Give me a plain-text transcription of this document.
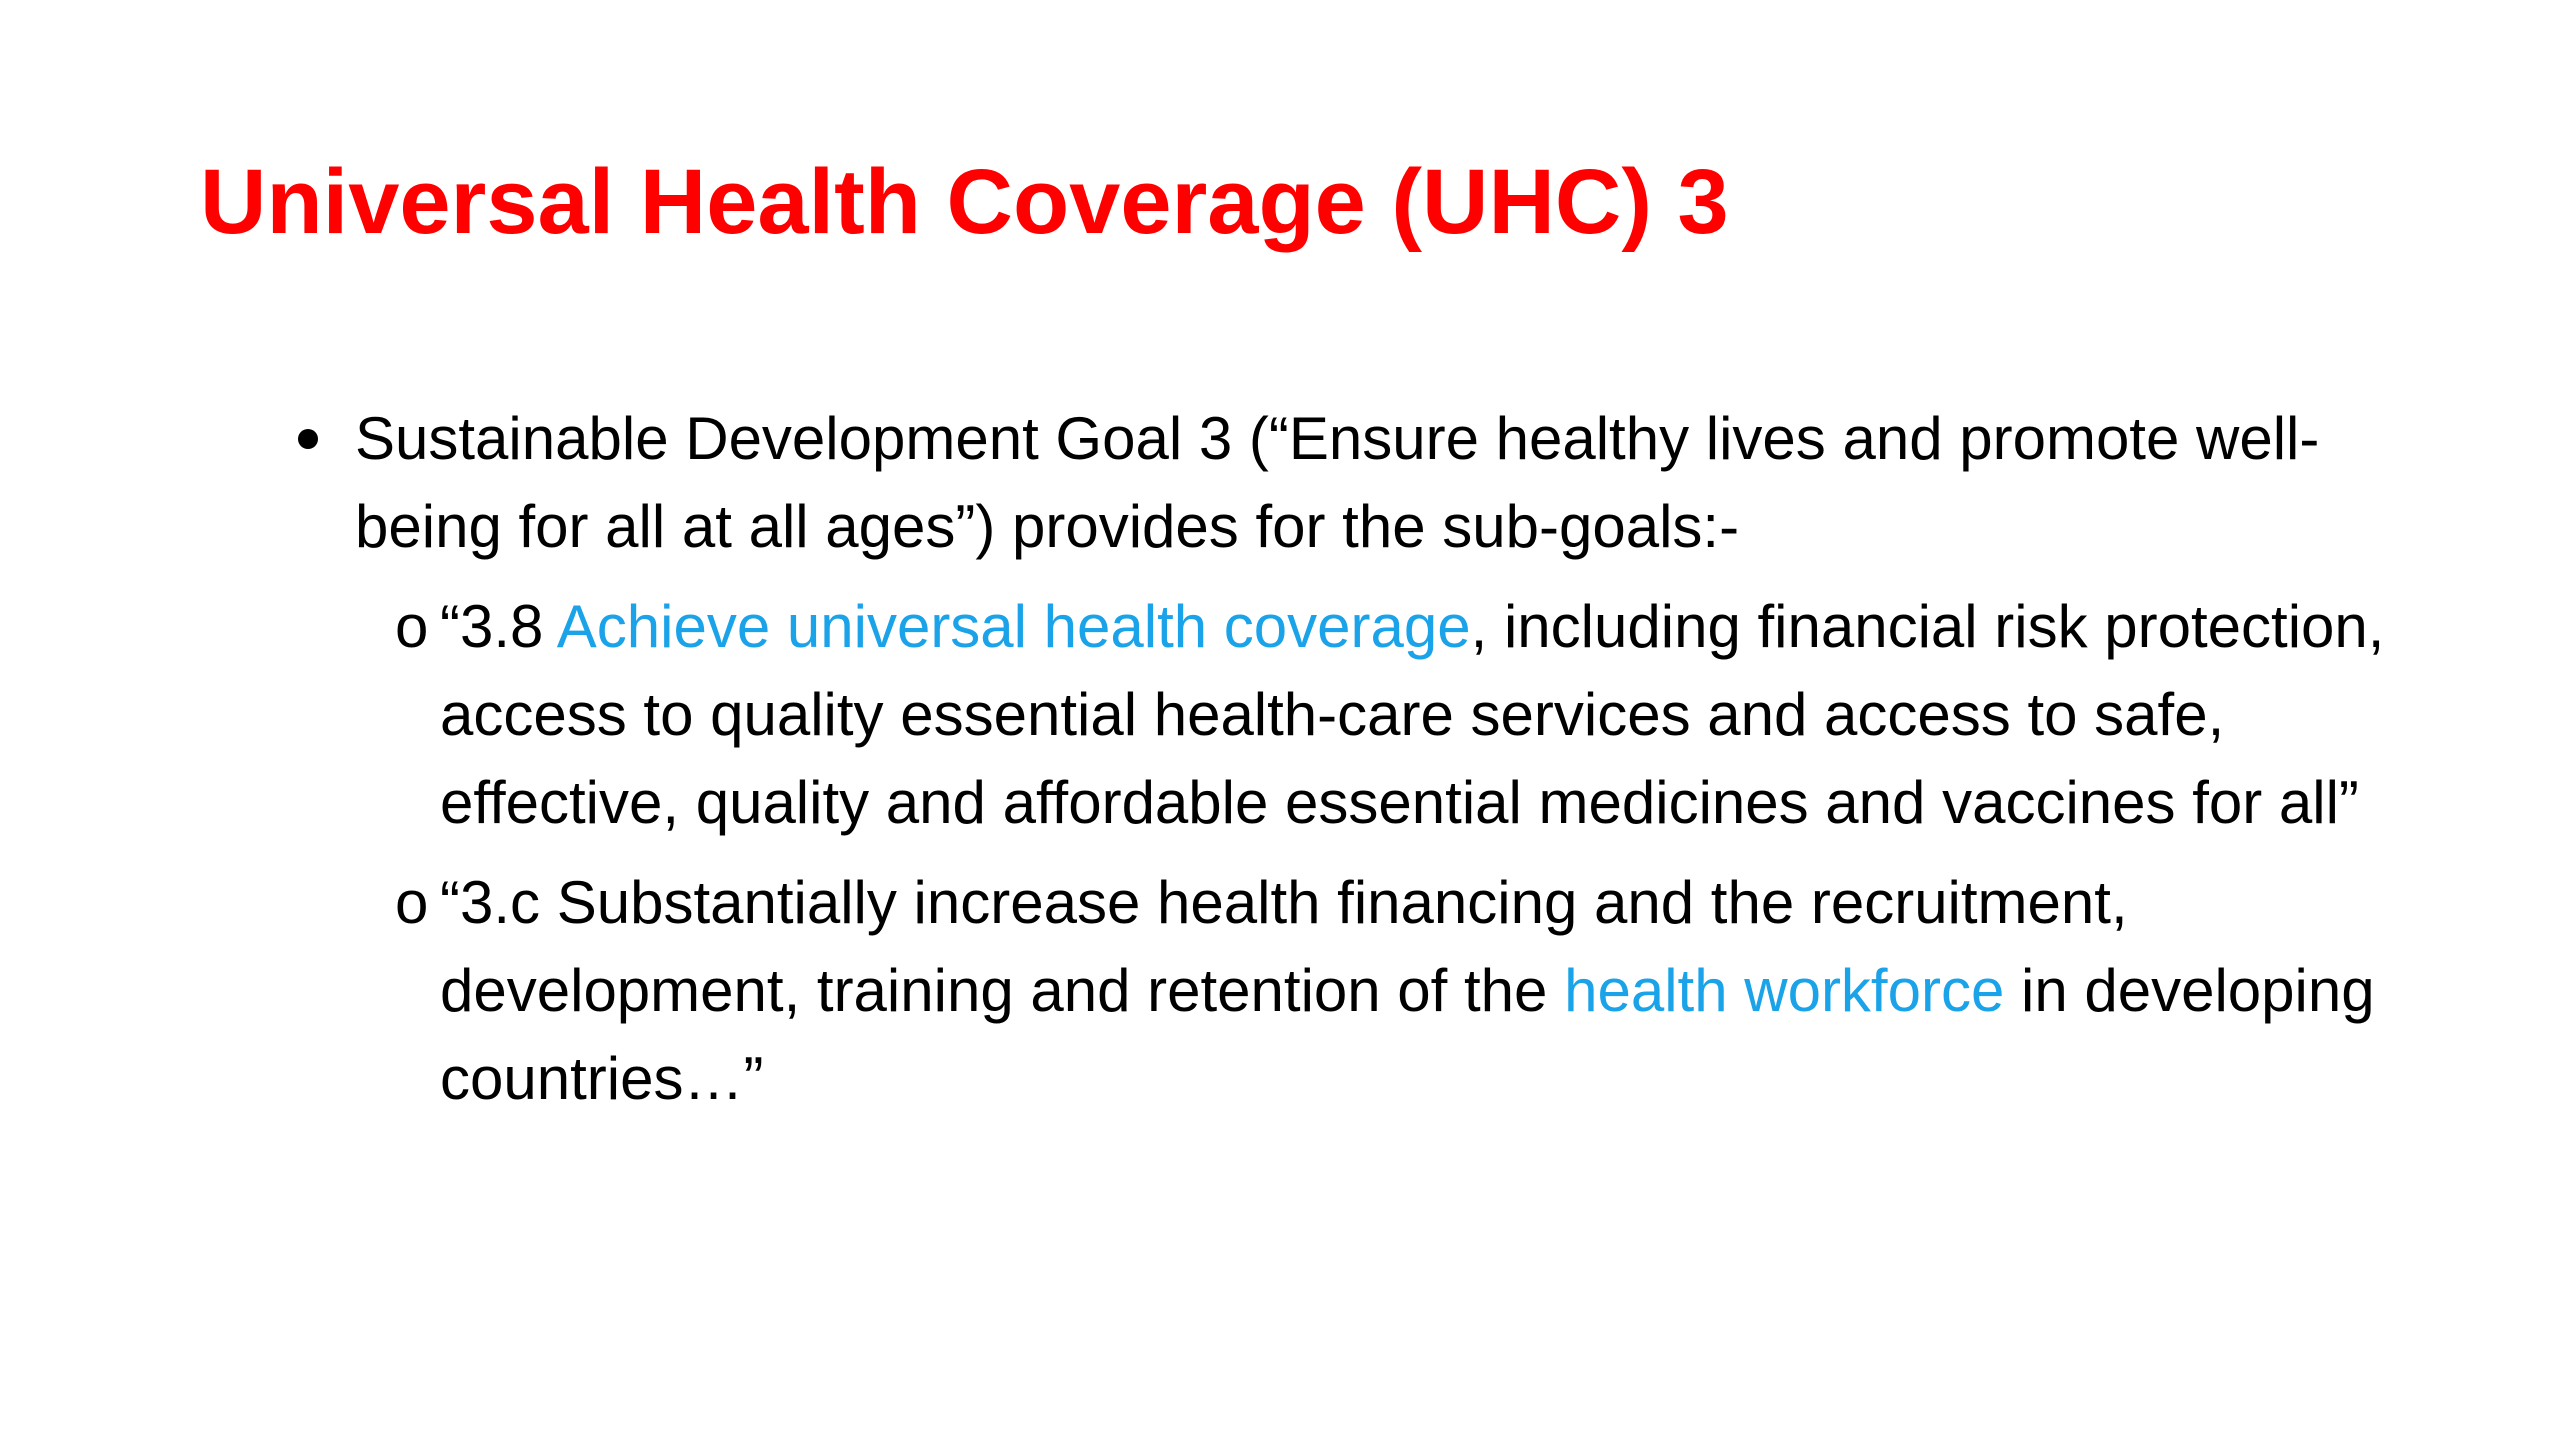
Universal Health Coverage (UHC) 3
Sustainable Development Goal 3 (“Ensure healthy lives and promote well-being for all at all ages”) provides for the sub-goals:-
o “3.8 Achieve universal health coverage, including financial risk protection, access to quality essential health-care services and access to safe, effective, quality and affordable essential medicines and vaccines for all”
o “3.c Substantially increase health financing and the recruitment, development, training and retention of the health workforce in developing countries…”
